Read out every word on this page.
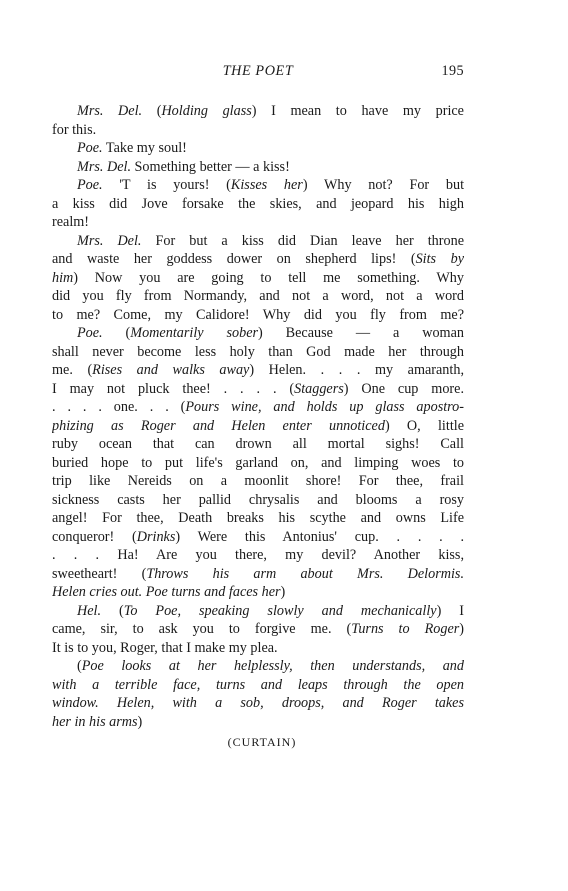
THE POET	195
Mrs. Del. (Holding glass) I mean to have my price
for this.
Poe. Take my soul!
Mrs. Del. Something better — a kiss!
Poe. 'T is yours! (Kisses her) Why not? For but
a kiss did Jove forsake the skies, and jeopard his high
realm!
Mrs. Del. For but a kiss did Dian leave her throne
and waste her goddess dower on shepherd lips! (Sits by
him) Now you are going to tell me something. Why
did you fly from Normandy, and not a word, not a word
to me? Come, my Calidore! Why did you fly from me?
Poe. (Momentarily sober) Because — a woman
shall never become less holy than God made her through
me. (Rises and walks away) Helen. . . . my amaranth,
I may not pluck thee! . . . . (Staggers) One cup more.
. . . . one. . . (Pours wine, and holds up glass apostro-
phizing as Roger and Helen enter unnoticed) O, little
ruby ocean that can drown all mortal sighs! Call
buried hope to put life's garland on, and limping woes to
trip like Nereids on a moonlit shore! For thee, frail
sickness casts her pallid chrysalis and blooms a rosy
angel! For thee, Death breaks his scythe and owns Life
conqueror! (Drinks) Were this Antonius' cup. . . . .
. . . Ha! Are you there, my devil? Another kiss,
sweetheart! (Throws his arm about Mrs. Delormis.
Helen cries out. Poe turns and faces her)
Hel. (To Poe, speaking slowly and mechanically) I
came, sir, to ask you to forgive me. (Turns to Roger)
It is to you, Roger, that I make my plea.
(Poe looks at her helplessly, then understands, and
with a terrible face, turns and leaps through the open
window. Helen, with a sob, droops, and Roger takes
her in his arms)
(CURTAIN)
